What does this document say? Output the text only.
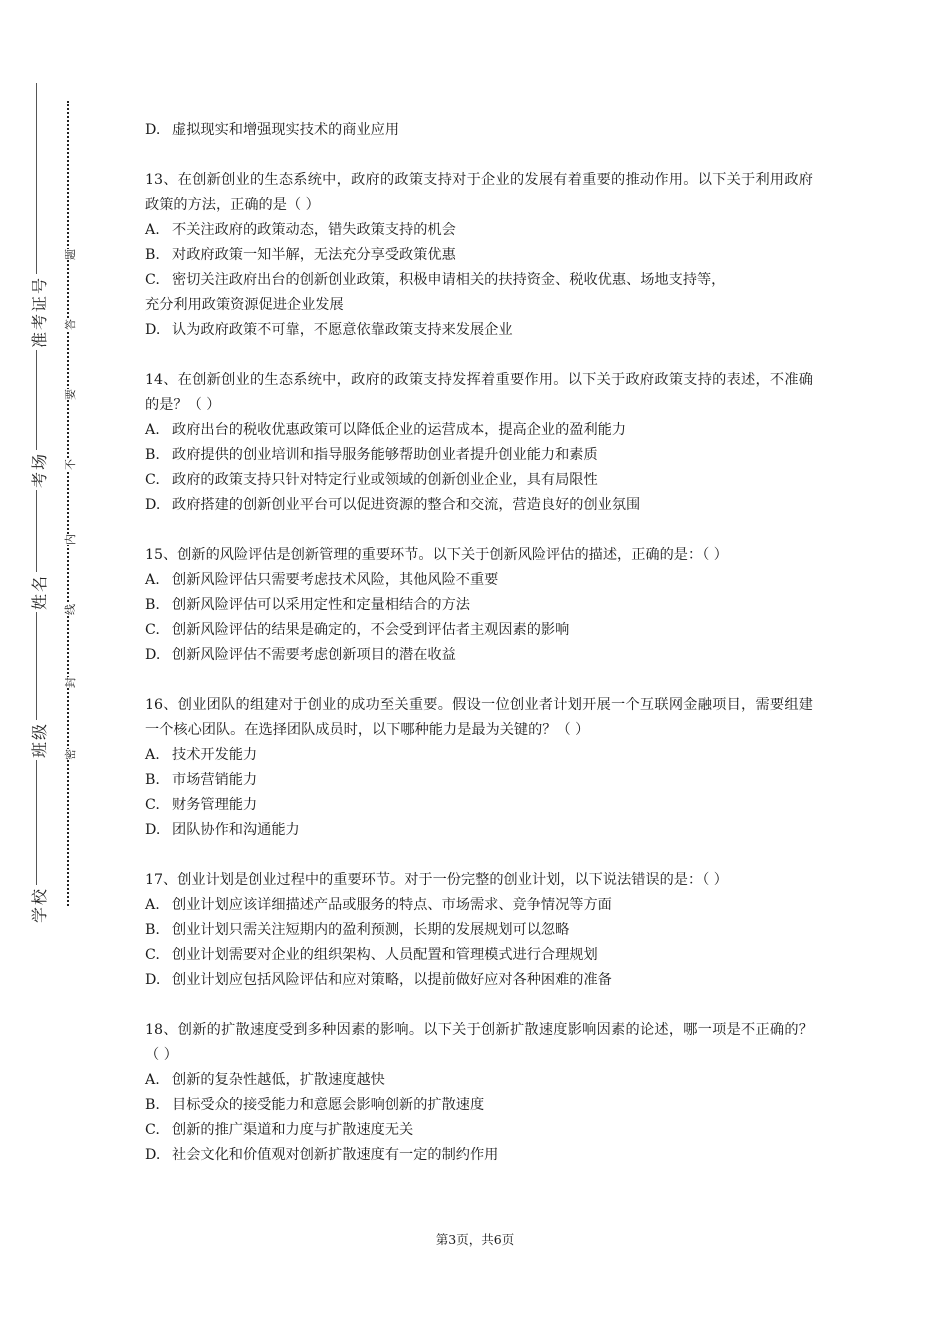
准考证号
考场
姓名
班级
学校
题
答
要
不
内
线
封
密
D. 虚拟现实和增强现实技术的商业应用
13、在创新创业的生态系统中，政府的政策支持对于企业的发展有着重要的推动作用。以下关于利用政府政策的方法，正确的是（ ）
A. 不关注政府的政策动态，错失政策支持的机会
B. 对政府政策一知半解，无法充分享受政策优惠
C. 密切关注政府出台的创新创业政策，积极申请相关的扶持资金、税收优惠、场地支持等，
充分利用政策资源促进企业发展
D. 认为政府政策不可靠，不愿意依靠政策支持来发展企业
14、在创新创业的生态系统中，政府的政策支持发挥着重要作用。以下关于政府政策支持的表述，不准确的是？（ ）
A. 政府出台的税收优惠政策可以降低企业的运营成本，提高企业的盈利能力
B. 政府提供的创业培训和指导服务能够帮助创业者提升创业能力和素质
C. 政府的政策支持只针对特定行业或领域的创新创业企业，具有局限性
D. 政府搭建的创新创业平台可以促进资源的整合和交流，营造良好的创业氛围
15、创新的风险评估是创新管理的重要环节。以下关于创新风险评估的描述，正确的是：（ ）
A. 创新风险评估只需要考虑技术风险，其他风险不重要
B. 创新风险评估可以采用定性和定量相结合的方法
C. 创新风险评估的结果是确定的，不会受到评估者主观因素的影响
D. 创新风险评估不需要考虑创新项目的潜在收益
16、创业团队的组建对于创业的成功至关重要。假设一位创业者计划开展一个互联网金融项目，需要组建一个核心团队。在选择团队成员时，以下哪种能力是最为关键的？（ ）
A. 技术开发能力
B. 市场营销能力
C. 财务管理能力
D. 团队协作和沟通能力
17、创业计划是创业过程中的重要环节。对于一份完整的创业计划，以下说法错误的是：（ ）
A. 创业计划应该详细描述产品或服务的特点、市场需求、竞争情况等方面
B. 创业计划只需关注短期内的盈利预测，长期的发展规划可以忽略
C. 创业计划需要对企业的组织架构、人员配置和管理模式进行合理规划
D. 创业计划应包括风险评估和应对策略，以提前做好应对各种困难的准备
18、创新的扩散速度受到多种因素的影响。以下关于创新扩散速度影响因素的论述，哪一项是不正确的？（ ）
A. 创新的复杂性越低，扩散速度越快
B. 目标受众的接受能力和意愿会影响创新的扩散速度
C. 创新的推广渠道和力度与扩散速度无关
D. 社会文化和价值观对创新扩散速度有一定的制约作用
第3页，共6页
